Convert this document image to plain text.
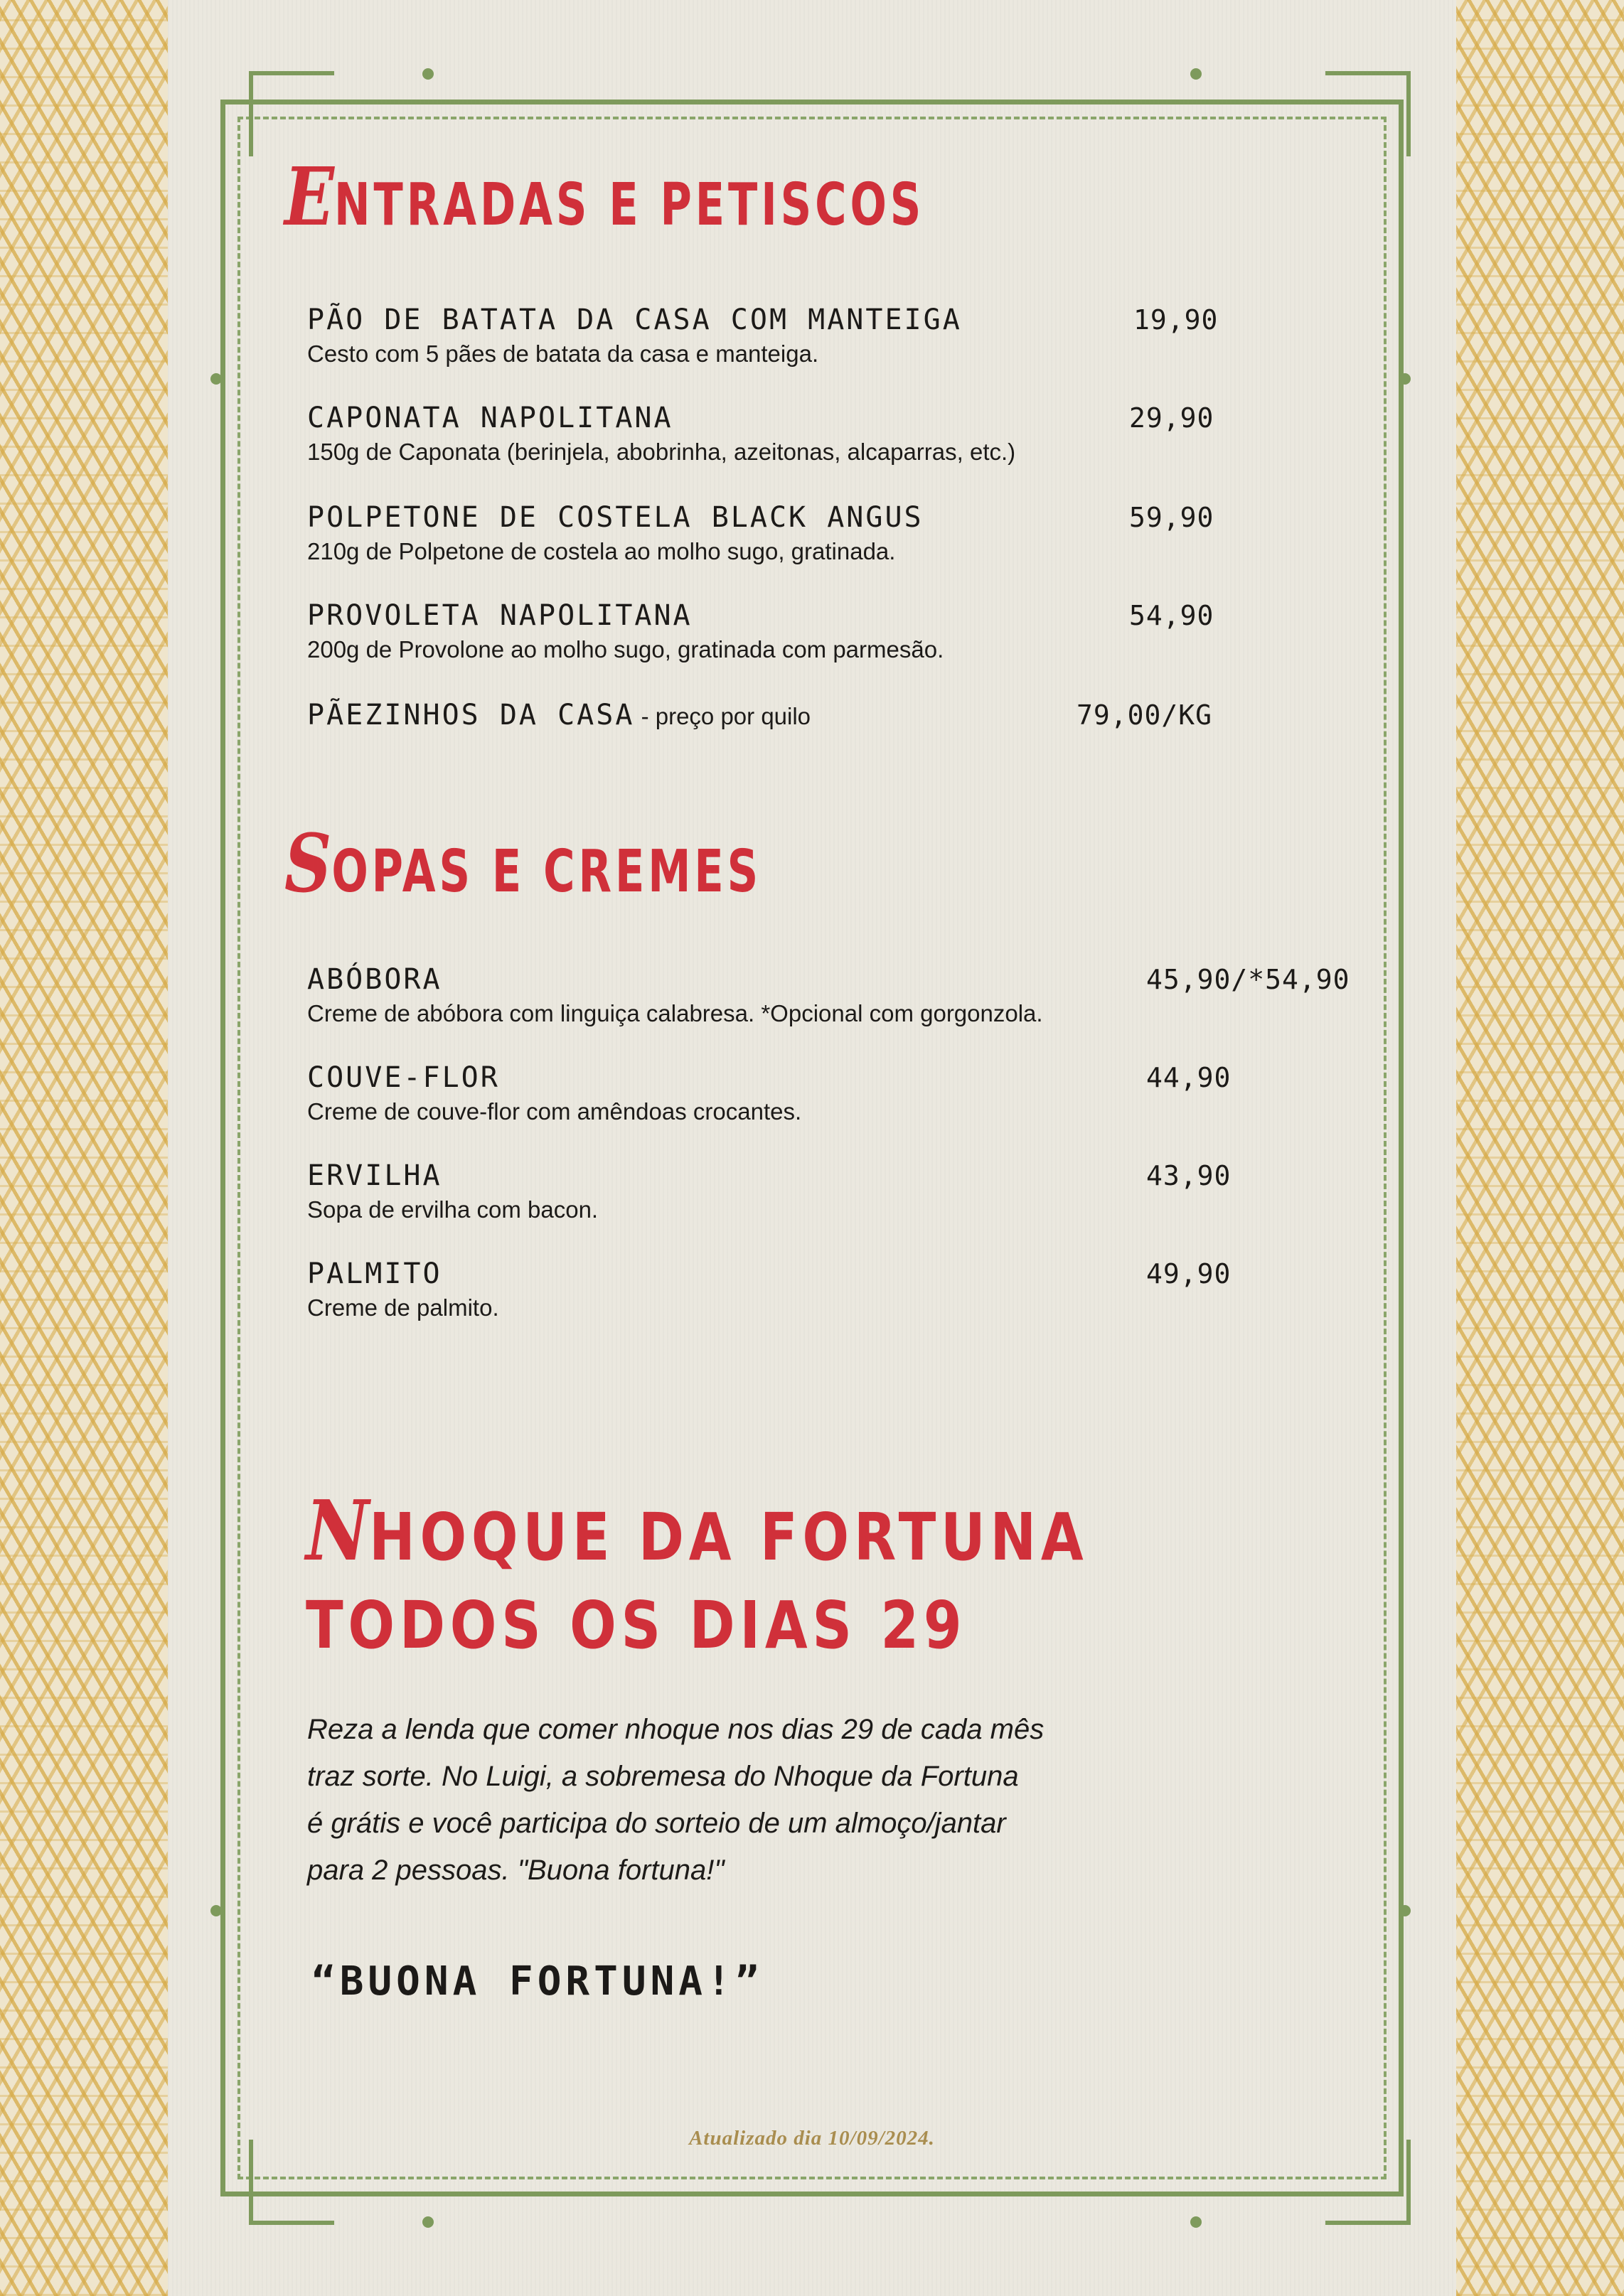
ENTRADAS E PETISCOS
PÃO DE BATATA DA CASA COM MANTEIGA
Cesto com 5 pães de batata da casa e manteiga.
19,90
CAPONATA NAPOLITANA
150g de Caponata (berinjela, abobrinha, azeitonas, alcaparras, etc.)
29,90
POLPETONE DE COSTELA BLACK ANGUS
210g de Polpetone de costela ao molho sugo, gratinada.
59,90
PROVOLETA NAPOLITANA
200g de Provolone ao molho sugo, gratinada com parmesão.
54,90
PÃEZINHOS DA CASA - preço por quilo	79,00/KG
SOPAS E CREMES
ABÓBORA
Creme de abóbora com linguiça calabresa. *Opcional com gorgonzola.
45,90/*54,90
COUVE-FLOR
Creme de couve-flor com amêndoas crocantes.
44,90
ERVILHA
Sopa de ervilha com bacon.
43,90
PALMITO
Creme de palmito.
49,90
NHOQUE DA FORTUNA
TODOS OS DIAS 29
Reza a lenda que comer nhoque nos dias 29 de cada mês
traz sorte. No Luigi, a sobremesa do Nhoque da Fortuna
é grátis e você participa do sorteio de um almoço/jantar
para 2 pessoas. "Buona fortuna!"
“BUONA FORTUNA!”
Atualizado dia 10/09/2024.
